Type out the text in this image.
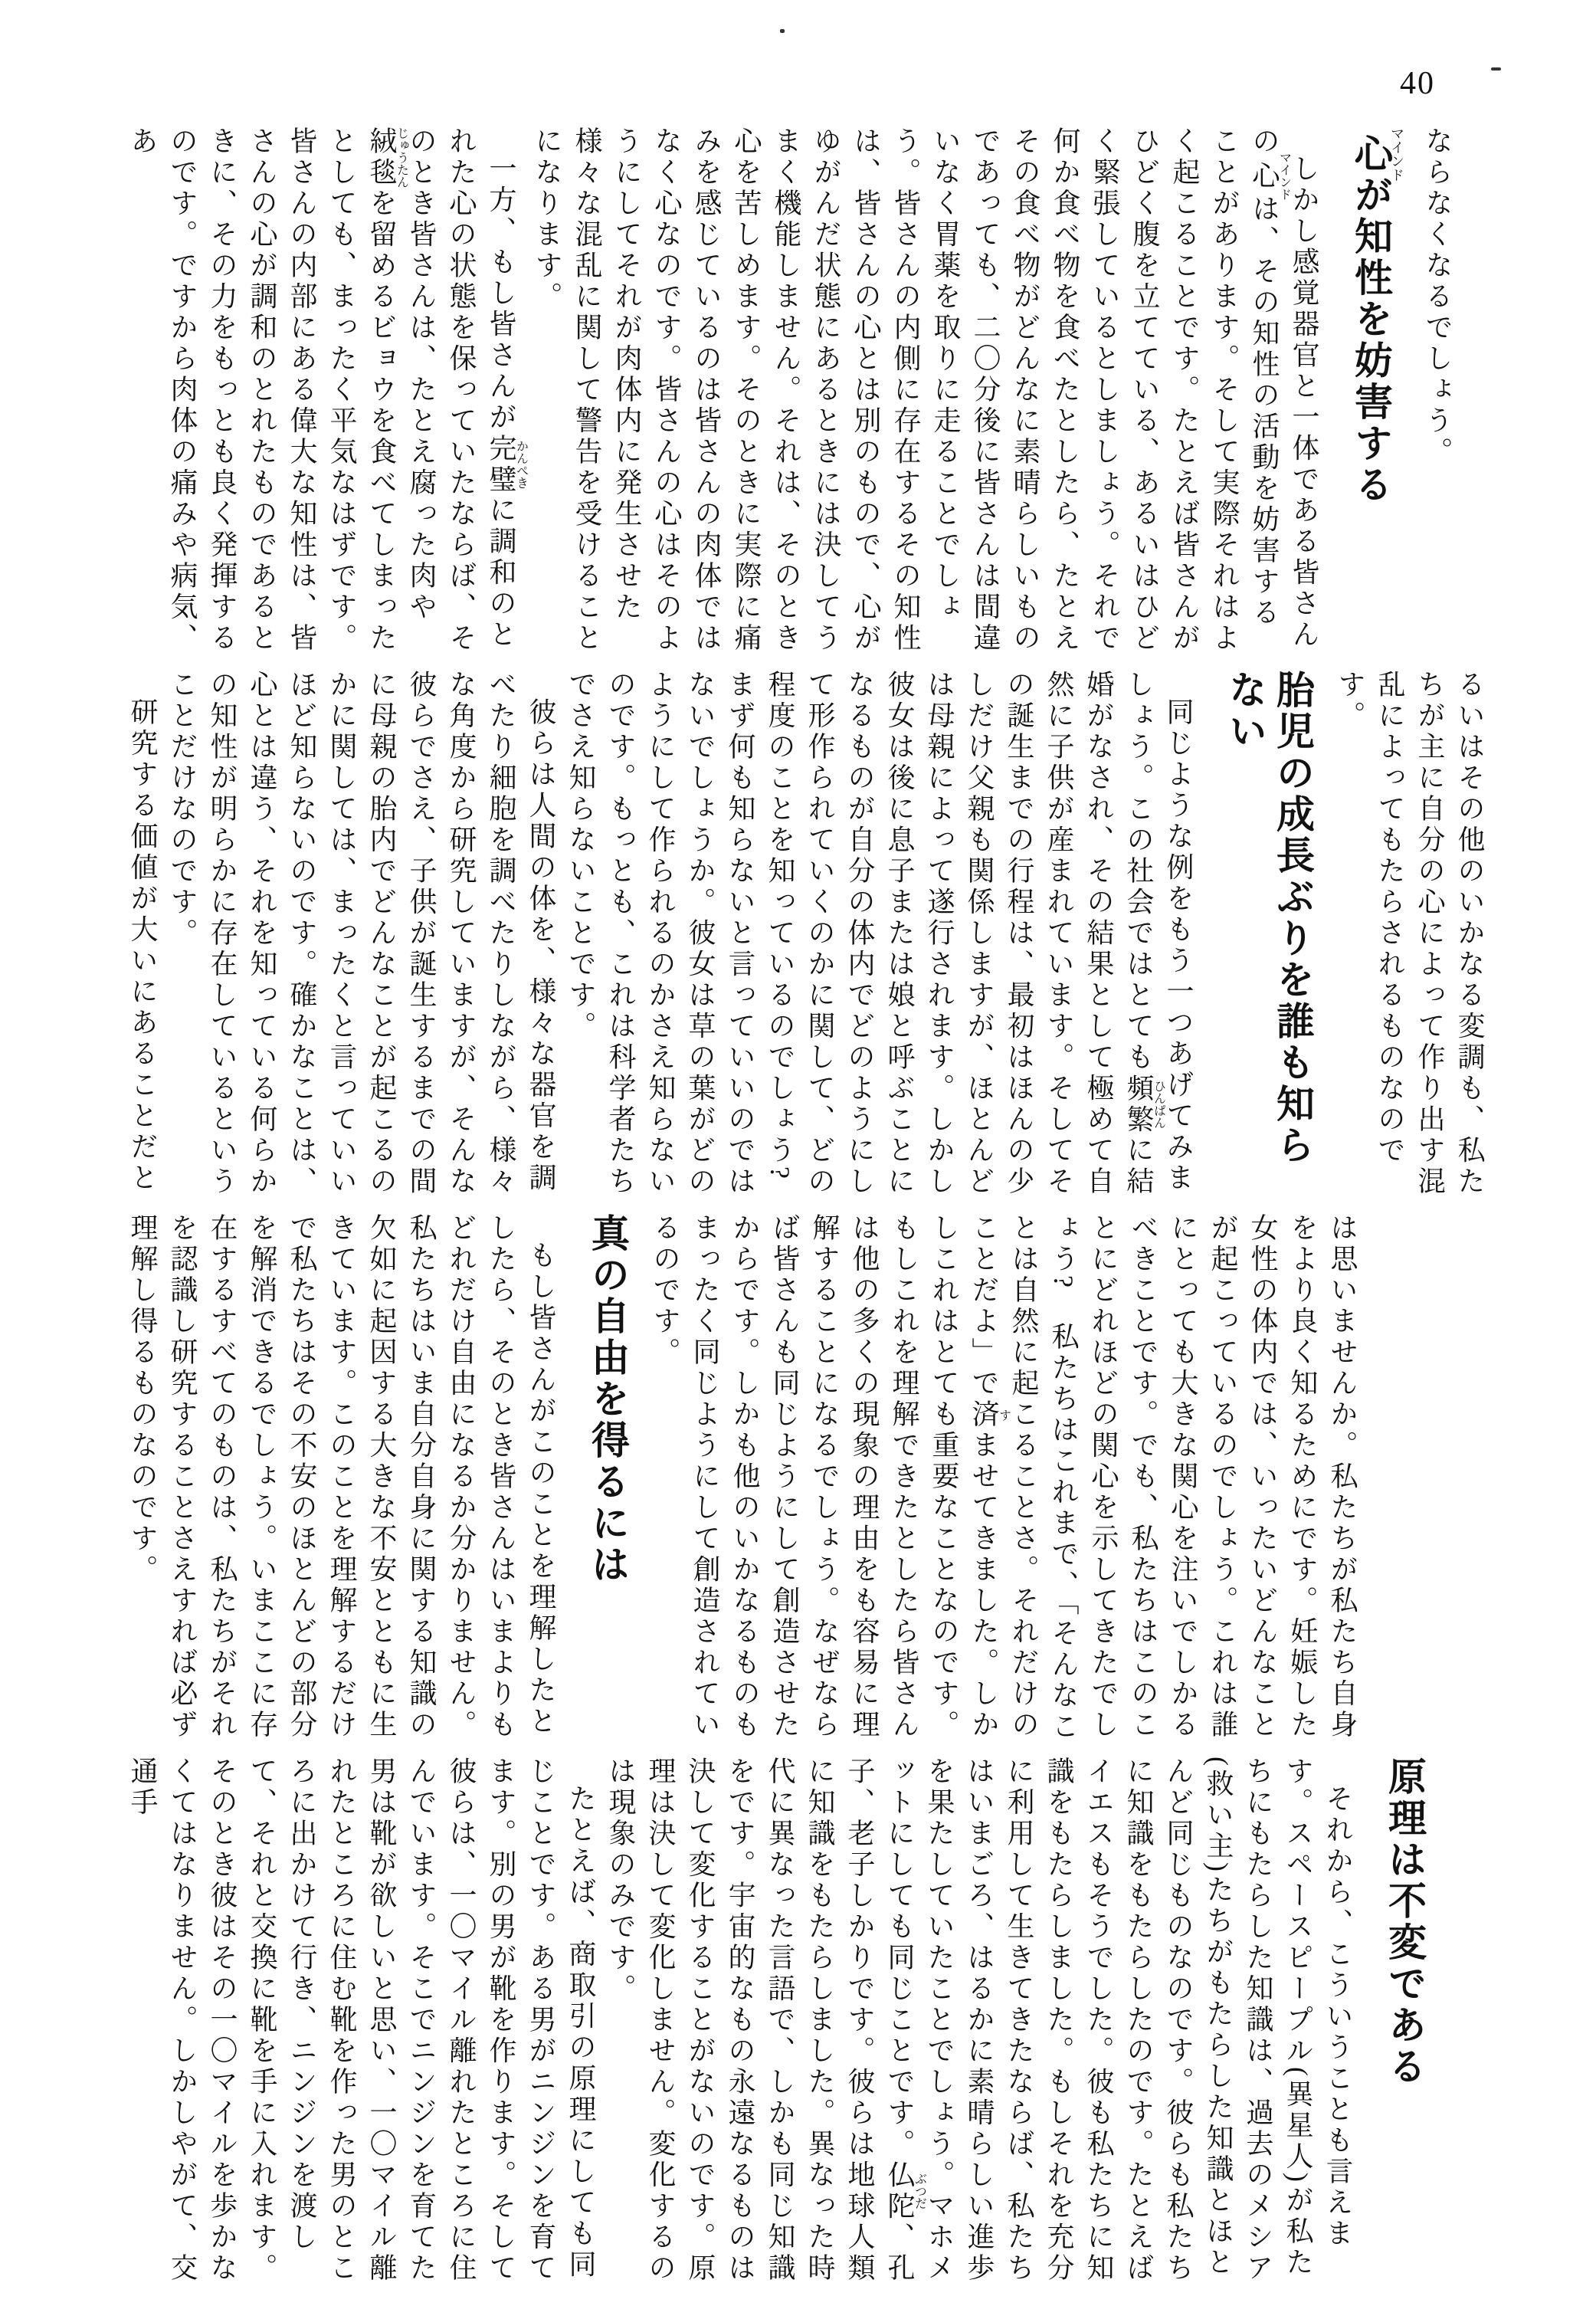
40

ならなくなるでしょう。

心マインドが知性を妨害する

しかし感覚器官と一体である皆さんの心マインドは、その知性の活動を妨害することがあります。そして実際それはよく起こることです。たとえば皆さんがひどく腹を立てている、あるいはひどく緊張しているとしましょう。それで何か食べ物を食べたとしたら、たとえその食べ物がどんなに素晴らしいものであっても、二〇分後に皆さんは間違いなく胃薬を取りに走ることでしょう。皆さんの内側に存在するその知性は、皆さんの心とは別のもので、心がゆがんだ状態にあるときには決してうまく機能しません。それは、そのとき心を苦しめます。そのときに実際に痛みを感じているのは皆さんの肉体ではなく心なのです。皆さんの心はそのようにしてそれが肉体内に発生させた様々な混乱に関して警告を受けることになります。

一方、もし皆さんが完璧かんぺきに調和のとれた心の状態を保っていたならば、そのとき皆さんは、たとえ腐った肉や絨毯じゅうたんを留めるビョウを食べてしまったとしても、まったく平気なはずです。皆さんの内部にある偉大な知性は、皆さんの心が調和のとれたものであるときに、その力をもっとも良く発揮するのです。ですから肉体の痛みや病気、あ

るいはその他のいかなる変調も、私たちが主に自分の心によって作り出す混乱によってもたらされるものなのです。

胎児の成長ぶりを誰も知らない

同じような例をもう一つあげてみましょう。この社会ではとても頻繁ひんぱんに結婚がなされ、その結果として極めて自然に子供が産まれています。そしてその誕生までの行程は、最初はほんの少しだけ父親も関係しますが、ほとんどは母親によって遂行されます。しかし彼女は後に息子または娘と呼ぶことになるものが自分の体内でどのようにして形作られていくのかに関して、どの程度のことを知っているのでしょう?まず何も知らないと言っていいのではないでしょうか。彼女は草の葉がどのようにして作られるのかさえ知らないのです。もっとも、これは科学者たちでさえ知らないことです。

彼らは人間の体を、様々な器官を調べたり細胞を調べたりしながら、様々な角度から研究していますが、そんな彼らでさえ、子供が誕生するまでの間に母親の胎内でどんなことが起こるのかに関しては、まったくと言っていいほど知らないのです。確かなことは、心とは違う、それを知っている何らかの知性が明らかに存在しているということだけなのです。

研究する価値が大いにあることだと

は思いませんか。私たちが私たち自身をより良く知るためにです。妊娠した女性の体内では、いったいどんなことが起こっているのでしょう。これは誰にとっても大きな関心を注いでしかるべきことです。でも、私たちはこのことにどれほどの関心を示してきたでしょう?　私たちはこれまで、「そんなことは自然に起こることさ。それだけのことだよ」で済すませてきました。しかしこれはとても重要なことなのです。もしこれを理解できたとしたら皆さんは他の多くの現象の理由をも容易に理解することになるでしょう。なぜならば皆さんも同じようにして創造させたからです。しかも他のいかなるものもまったく同じようにして創造されているのです。

真の自由を得るには

もし皆さんがこのことを理解したとしたら、そのとき皆さんはいまよりもどれだけ自由になるか分かりません。私たちはいま自分自身に関する知識の欠如に起因する大きな不安とともに生きています。このことを理解するだけで私たちはその不安のほとんどの部分を解消できるでしょう。いまここに存在するすべてのものは、私たちがそれを認識し研究することさえすれば必ず理解し得るものなのです。

原理は不変である

それから、こういうことも言えます。スペースピープル(異星人)が私たちにもたらした知識は、過去のメシア(救い主)たちがもたらした知識とほとんど同じものなのです。彼らも私たちに知識をもたらしたのです。たとえばイエスもそうでした。彼も私たちに知識をもたらしました。もしそれを充分に利用して生きてきたならば、私たちはいまごろ、はるかに素晴らしい進歩を果たしていたことでしょう。マホメットにしても同じことです。仏陀ぶつだ、孔子、老子しかりです。彼らは地球人類に知識をもたらしました。異なった時代に異なった言語で、しかも同じ知識をです。宇宙的なもの永遠なるものは決して変化することがないのです。原理は決して変化しません。変化するのは現象のみです。

たとえば、商取引の原理にしても同じことです。ある男がニンジンを育てます。別の男が靴を作ります。そして彼らは、一〇マイル離れたところに住んでいます。そこでニンジンを育てた男は靴が欲しいと思い、一〇マイル離れたところに住む靴を作った男のところに出かけて行き、ニンジンを渡して、それと交換に靴を手に入れます。そのとき彼はその一〇マイルを歩かなくてはなりません。しかしやがて、交通手
